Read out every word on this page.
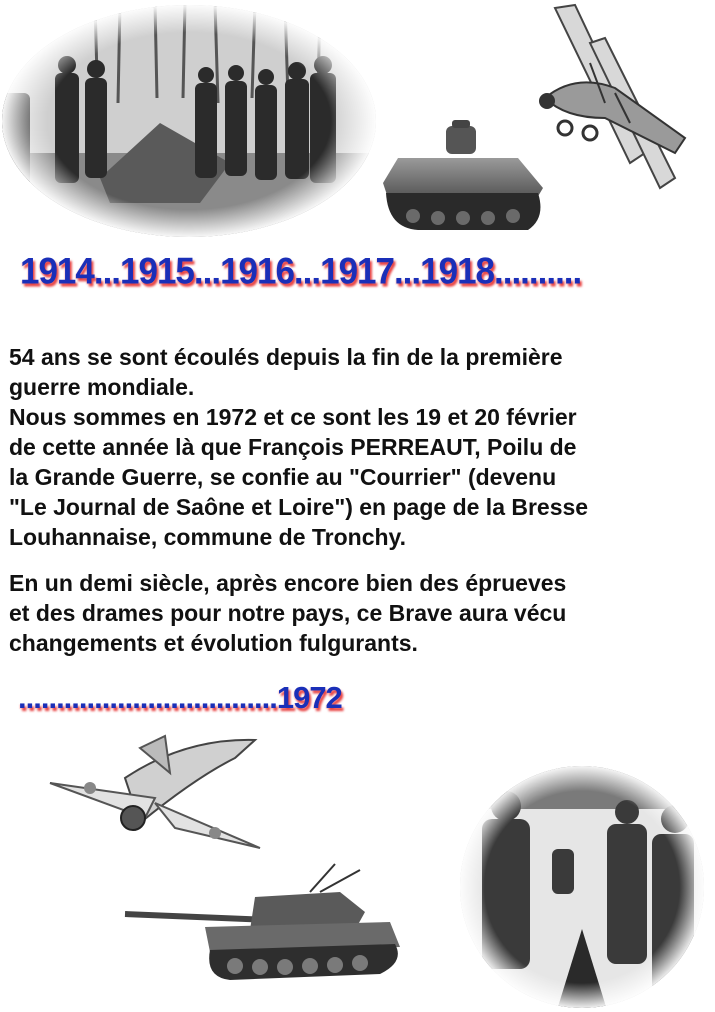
1914...1915...1916...1917...1918..........

54 ans se sont écoulés depuis la fin de la première
guerre mondiale.
Nous sommes en 1972 et ce sont les 19 et 20 février
de cette année là que François PERREAUT, Poilu de
la Grande Guerre, se confie au "Courrier" (devenu
"Le Journal de Saône et Loire") en page de la Bresse
Louhannaise, commune de Tronchy.

En un demi siècle, après encore bien des éprueves
et des drames pour notre pays, ce Brave aura vécu
changements et évolution fulgurants.

..................................1972
